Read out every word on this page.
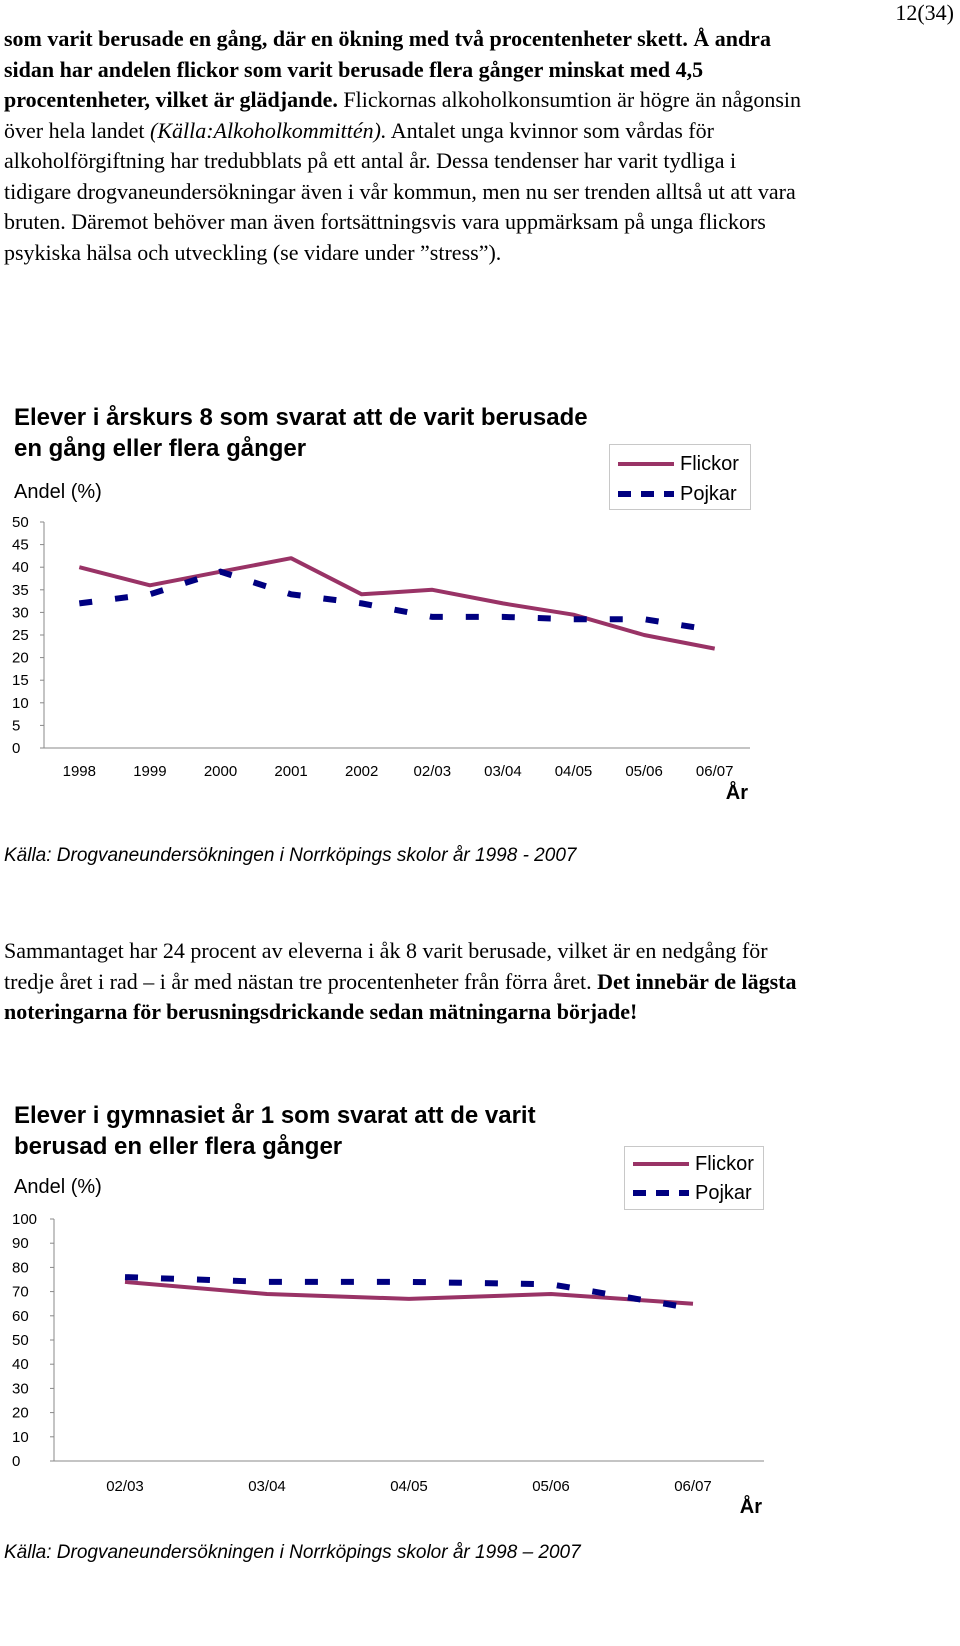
12(34)
som varit berusade en gång, där en ökning med två procentenheter skett. Å andra sidan har andelen flickor som varit berusade flera gånger minskat med 4,5 procentenheter, vilket är glädjande. Flickornas alkoholkonsumtion är högre än någonsin över hela landet (Källa:Alkoholkommittén). Antalet unga kvinnor som vårdas för alkoholförgiftning har tredubblats på ett antal år. Dessa tendenser har varit tydliga i tidigare drogvaneundersökningar även i vår kommun, men nu ser trenden alltså ut att vara bruten. Däremot behöver man även fortsättningsvis vara uppmärksam på unga flickors psykiska hälsa och utveckling (se vidare under ”stress”).
Elever i årskurs 8 som svarat att de varit berusade en gång eller flera gånger
Andel (%)
Flickor
Pojkar
Källa: Drogvaneundersökningen i Norrköpings skolor år 1998 - 2007
0
5
10
15
20
25
30
35
40
45
50
1998 1999 2000 2001 2002 02/03 03/04 04/05 05/06 06/07
År
Sammantaget har 24 procent av eleverna i åk 8 varit berusade, vilket är en nedgång för tredje året i rad – i år med nästan tre procentenheter från förra året. Det innebär de lägsta noteringarna för berusningsdrickande sedan mätningarna började!
Elever i gymnasiet år 1 som svarat att de varit berusad en eller flera gånger
Andel (%)
Flickor
Pojkar
Källa: Drogvaneundersökningen i Norrköpings skolor år 1998 – 2007
0
10
20
30
40
50
60
70
80
90
100
02/03	03/04	04/05	05/06	06/07
År
